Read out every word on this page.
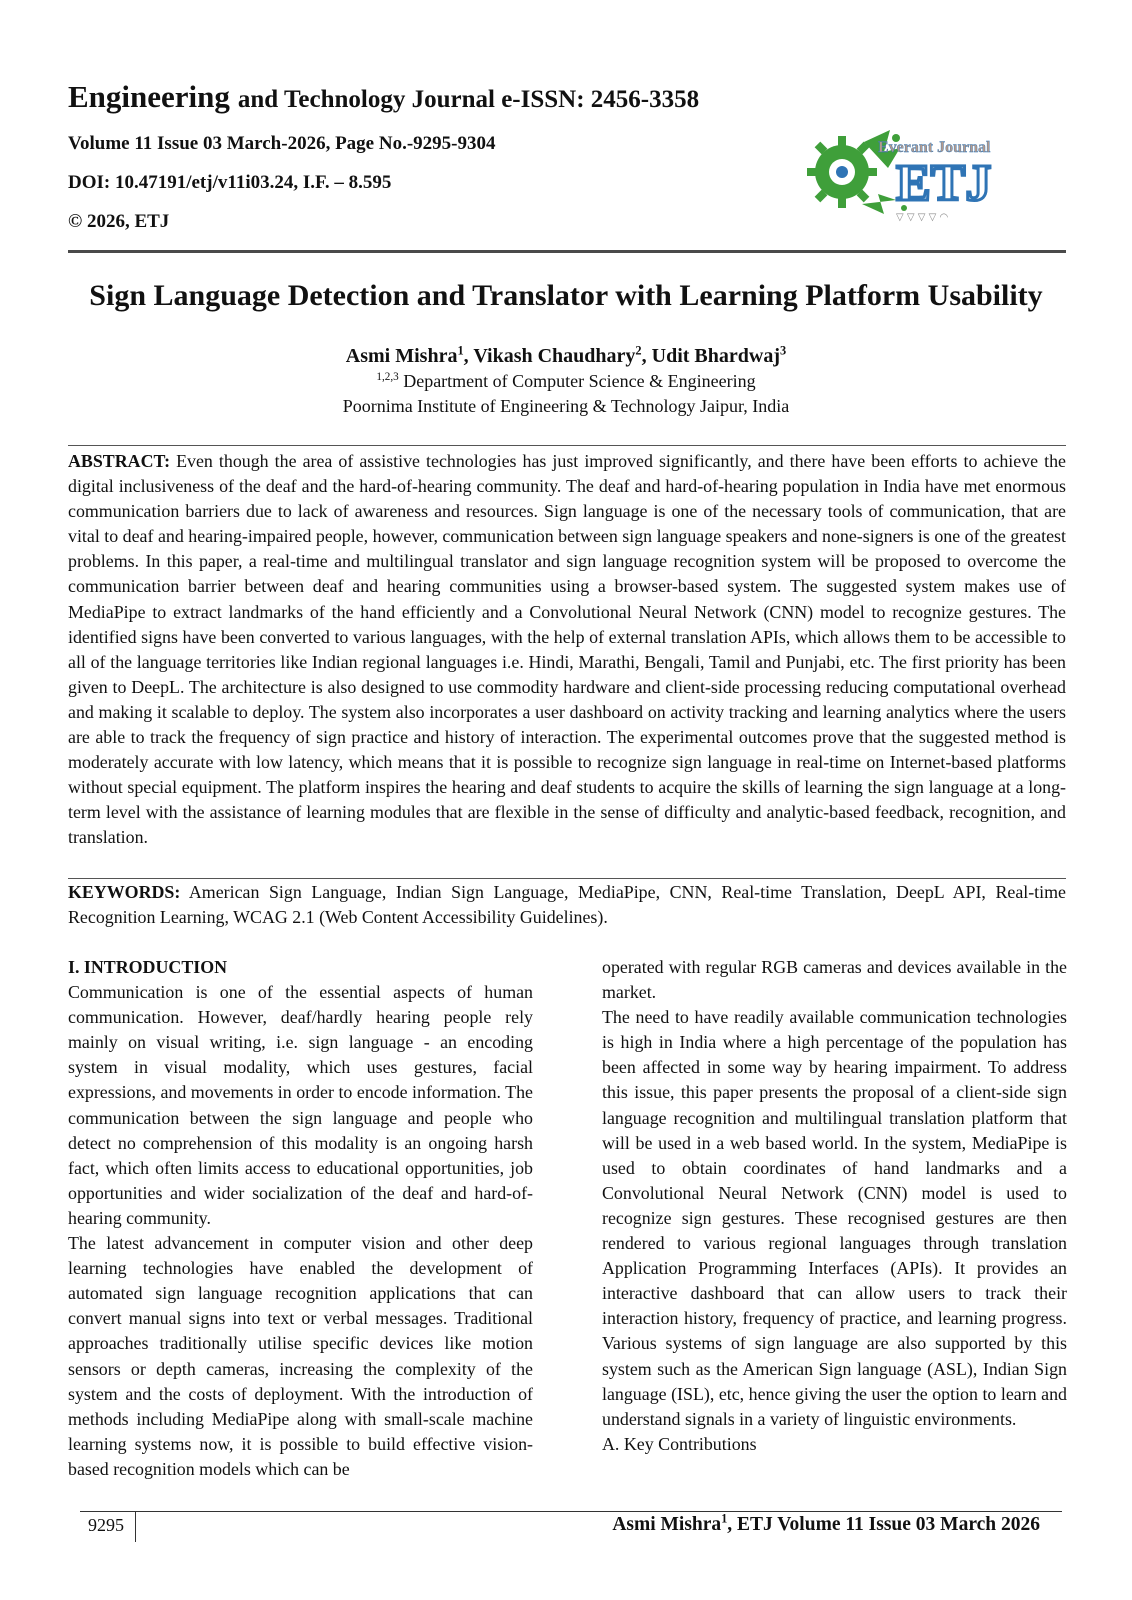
Engineering and Technology Journal e-ISSN: 2456-3358

Volume 11 Issue 03 March-2026, Page No.-9295-9304

DOI: 10.47191/etj/v11i03.24, I.F. – 8.595

© 2026, ETJ

Everant Journal
ETJ
▽ ▽ ▽ ▽ ◠
Sign Language Detection and Translator with Learning Platform Usability

Asmi Mishra$^1$, Vikash Chaudhary$^2$, Udit Bhardwaj$^3$

$^{1,2,3}$ Department of Computer Science & Engineering

Poornima Institute of Engineering & Technology Jaipur, India

ABSTRACT: Even though the area of assistive technologies has just improved significantly, and there have been efforts to achieve the digital inclusiveness of the deaf and the hard-of-hearing community. The deaf and hard-of-hearing population in India have met enormous communication barriers due to lack of awareness and resources. Sign language is one of the necessary tools of communication, that are vital to deaf and hearing-impaired people, however, communication between sign language speakers and none-signers is one of the greatest problems. In this paper, a real-time and multilingual translator and sign language recognition system will be proposed to overcome the communication barrier between deaf and hearing communities using a browser-based system. The suggested system makes use of MediaPipe to extract landmarks of the hand efficiently and a Convolutional Neural Network (CNN) model to recognize gestures. The identified signs have been converted to various languages, with the help of external translation APIs, which allows them to be accessible to all of the language territories like Indian regional languages i.e. Hindi, Marathi, Bengali, Tamil and Punjabi, etc. The first priority has been given to DeepL. The architecture is also designed to use commodity hardware and client-side processing reducing computational overhead and making it scalable to deploy. The system also incorporates a user dashboard on activity tracking and learning analytics where the users are able to track the frequency of sign practice and history of interaction. The experimental outcomes prove that the suggested method is moderately accurate with low latency, which means that it is possible to recognize sign language in real-time on Internet-based platforms without special equipment. The platform inspires the hearing and deaf students to acquire the skills of learning the sign language at a long-term level with the assistance of learning modules that are flexible in the sense of difficulty and analytic-based feedback, recognition, and translation.

KEYWORDS: American Sign Language, Indian Sign Language, MediaPipe, CNN, Real-time Translation, DeepL API, Real-time Recognition Learning, WCAG 2.1 (Web Content Accessibility Guidelines).

I. INTRODUCTION

Communication is one of the essential aspects of human communication. However, deaf/hardly hearing people rely mainly on visual writing, i.e. sign language - an encoding system in visual modality, which uses gestures, facial expressions, and movements in order to encode information. The communication between the sign language and people who detect no comprehension of this modality is an ongoing harsh fact, which often limits access to educational opportunities, job opportunities and wider socialization of the deaf and hard-of-hearing community.

The latest advancement in computer vision and other deep learning technologies have enabled the development of automated sign language recognition applications that can convert manual signs into text or verbal messages. Traditional approaches traditionally utilise specific devices like motion sensors or depth cameras, increasing the complexity of the system and the costs of deployment. With the introduction of methods including MediaPipe along with small-scale machine learning systems now, it is possible to build effective vision-based recognition models which can be

operated with regular RGB cameras and devices available in the market.

The need to have readily available communication technologies is high in India where a high percentage of the population has been affected in some way by hearing impairment. To address this issue, this paper presents the proposal of a client-side sign language recognition and multilingual translation platform that will be used in a web based world. In the system, MediaPipe is used to obtain coordinates of hand landmarks and a Convolutional Neural Network (CNN) model is used to recognize sign gestures. These recognised gestures are then rendered to various regional languages through translation Application Programming Interfaces (APIs). It provides an interactive dashboard that can allow users to track their interaction history, frequency of practice, and learning progress. Various systems of sign language are also supported by this system such as the American Sign language (ASL), Indian Sign language (ISL), etc, hence giving the user the option to learn and understand signals in a variety of linguistic environments.

A. Key Contributions

9295	Asmi Mishra$^1$, ETJ Volume 11 Issue 03 March 2026
